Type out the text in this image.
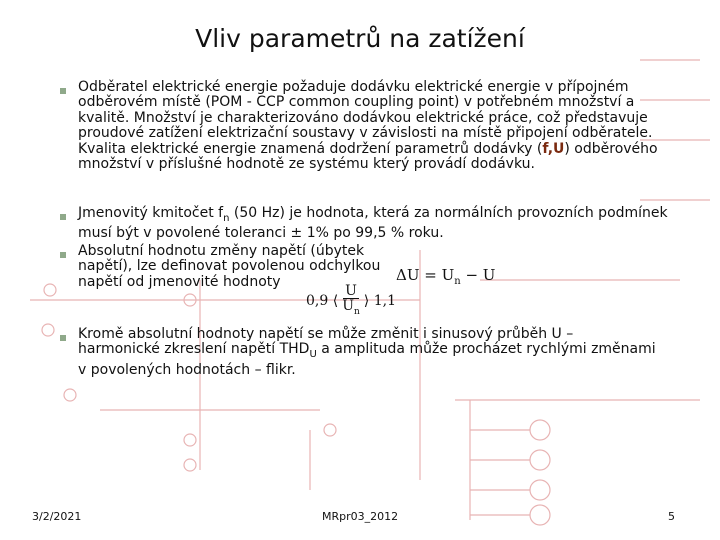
Vliv parametrů na zatížení
Odběratel elektrické energie požaduje dodávku elektrické energie v přípojném odběrovém místě (POM - CCP common coupling point) v potřebném množství a kvalitě. Množství je charakterizováno dodávkou elektrické práce, což představuje proudové zatížení elektrizační soustavy v závislosti na místě připojení odběratele. Kvalita elektrické energie znamená dodržení parametrů dodávky (f,U) odběrového množství v příslušné hodnotě ze systému který provádí dodávku.
Jmenovitý kmitočet $f_n$ (50 Hz) je hodnota, která za normálních provozních podmínek musí být v povolené toleranci ± 1% po 99,5 % roku.
Absolutní hodnotu změny napětí (úbytek napětí), lze definovat povolenou odchylkou napětí od jmenovité hodnoty	$\Delta U = U_n - U$
0,9 ⟨ $\frac{U}{U_n}$ ⟩ 1,1
Kromě absolutní hodnoty napětí se může změnit i sinusový průběh U – harmonické zkreslení napětí $THD_U$ a amplituda může procházet rychlými změnami v povolených hodnotách – flikr.
3/2/2021	MRpr03_2012	5
